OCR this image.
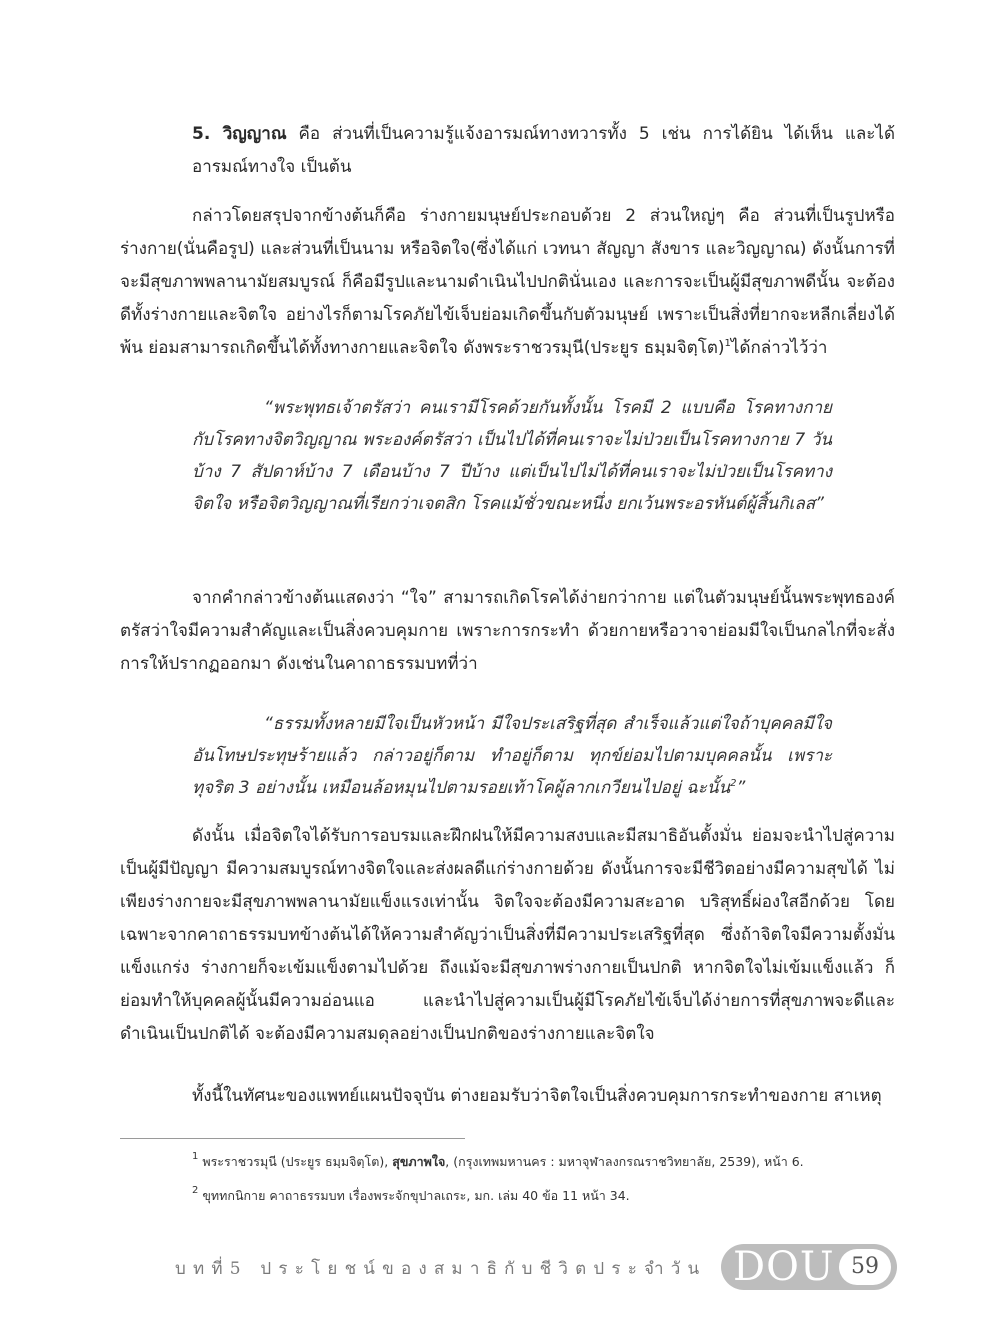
5. วิญญาณ คือ ส่วนที่เป็นความรู้แจ้งอารมณ์ทางทวารทั้ง 5 เช่น การได้ยิน ได้เห็น และได้อารมณ์ทางใจ เป็นต้น

กล่าวโดยสรุปจากข้างต้นก็คือ ร่างกายมนุษย์ประกอบด้วย 2 ส่วนใหญ่ๆ คือ ส่วนที่เป็นรูปหรือร่างกาย(นั่นคือรูป) และส่วนที่เป็นนาม หรือจิตใจ(ซึ่งได้แก่ เวทนา สัญญา สังขาร และวิญญาณ) ดังนั้นการที่จะมีสุขภาพพลานามัยสมบูรณ์ ก็คือมีรูปและนามดำเนินไปปกตินั่นเอง และการจะเป็นผู้มีสุขภาพดีนั้น จะต้องดีทั้งร่างกายและจิตใจ อย่างไรก็ตามโรคภัยไข้เจ็บย่อมเกิดขึ้นกับตัวมนุษย์ เพราะเป็นสิ่งที่ยากจะหลีกเลี่ยงได้พ้น ย่อมสามารถเกิดขึ้นได้ทั้งทางกายและจิตใจ ดังพระราชวรมุนี(ประยูร ธมฺมจิตฺโต)$^1$ได้กล่าวไว้ว่า

“พระพุทธเจ้าตรัสว่า คนเรามีโรคด้วยกันทั้งนั้น โรคมี 2 แบบคือ โรคทางกายกับโรคทางจิตวิญญาณ พระองค์ตรัสว่า เป็นไปได้ที่คนเราจะไม่ป่วยเป็นโรคทางกาย 7 วันบ้าง 7 สัปดาห์บ้าง 7 เดือนบ้าง 7 ปีบ้าง แต่เป็นไปไม่ได้ที่คนเราจะไม่ป่วยเป็นโรคทางจิตใจ หรือจิตวิญญาณที่เรียกว่าเจตสิก โรคแม้ชั่วขณะหนึ่ง ยกเว้นพระอรหันต์ผู้สิ้นกิเลส”

จากคำกล่าวข้างต้นแสดงว่า “ใจ” สามารถเกิดโรคได้ง่ายกว่ากาย แต่ในตัวมนุษย์นั้นพระพุทธองค์ตรัสว่าใจมีความสำคัญและเป็นสิ่งควบคุมกาย เพราะการกระทำ ด้วยกายหรือวาจาย่อมมีใจเป็นกลไกที่จะสั่งการให้ปรากฏออกมา ดังเช่นในคาถาธรรมบทที่ว่า

“ธรรมทั้งหลายมีใจเป็นหัวหน้า มีใจประเสริฐที่สุด สำเร็จแล้วแต่ใจถ้าบุคคลมีใจอันโทษประทุษร้ายแล้ว กล่าวอยู่ก็ตาม ทำอยู่ก็ตาม ทุกข์ย่อมไปตามบุคคลนั้น เพราะทุจริต 3 อย่างนั้น เหมือนล้อหมุนไปตามรอยเท้าโคผู้ลากเกวียนไปอยู่ ฉะนั้น$^2$”

ดังนั้น เมื่อจิตใจได้รับการอบรมและฝึกฝนให้มีความสงบและมีสมาธิอันตั้งมั่น ย่อมจะนำไปสู่ความเป็นผู้มีปัญญา มีความสมบูรณ์ทางจิตใจและส่งผลดีแก่ร่างกายด้วย ดังนั้นการจะมีชีวิตอย่างมีความสุขได้ ไม่เพียงร่างกายจะมีสุขภาพพลานามัยแข็งแรงเท่านั้น จิตใจจะต้องมีความสะอาด บริสุทธิ์ผ่องใสอีกด้วย โดยเฉพาะจากคาถาธรรมบทข้างต้นได้ให้ความสำคัญว่าเป็นสิ่งที่มีความประเสริฐที่สุด ซึ่งถ้าจิตใจมีความตั้งมั่น แข็งแกร่ง ร่างกายก็จะเข้มแข็งตามไปด้วย ถึงแม้จะมีสุขภาพร่างกายเป็นปกติ หากจิตใจไม่เข้มแข็งแล้ว ก็ย่อมทำให้บุคคลผู้นั้นมีความอ่อนแอ และนำไปสู่ความเป็นผู้มีโรคภัยไข้เจ็บได้ง่ายการที่สุขภาพจะดีและดำเนินเป็นปกติได้ จะต้องมีความสมดุลอย่างเป็นปกติของร่างกายและจิตใจ

ทั้งนี้ในทัศนะของแพทย์แผนปัจจุบัน ต่างยอมรับว่าจิตใจเป็นสิ่งควบคุมการกระทำของกาย สาเหตุ

$^1$ พระราชวรมุนี (ประยูร ธมฺมจิตฺโต), สุขภาพใจ, (กรุงเทพมหานคร : มหาจุฬาลงกรณราชวิทยาลัย, 2539), หน้า 6.

$^2$ ขุททกนิกาย คาถาธรรมบท เรื่องพระจักขุปาลเถระ, มก. เล่ม 40 ข้อ 11 หน้า 34.

บทที่5 ประโยชน์ของสมาธิกับชีวิตประจำวัน DOU 59
